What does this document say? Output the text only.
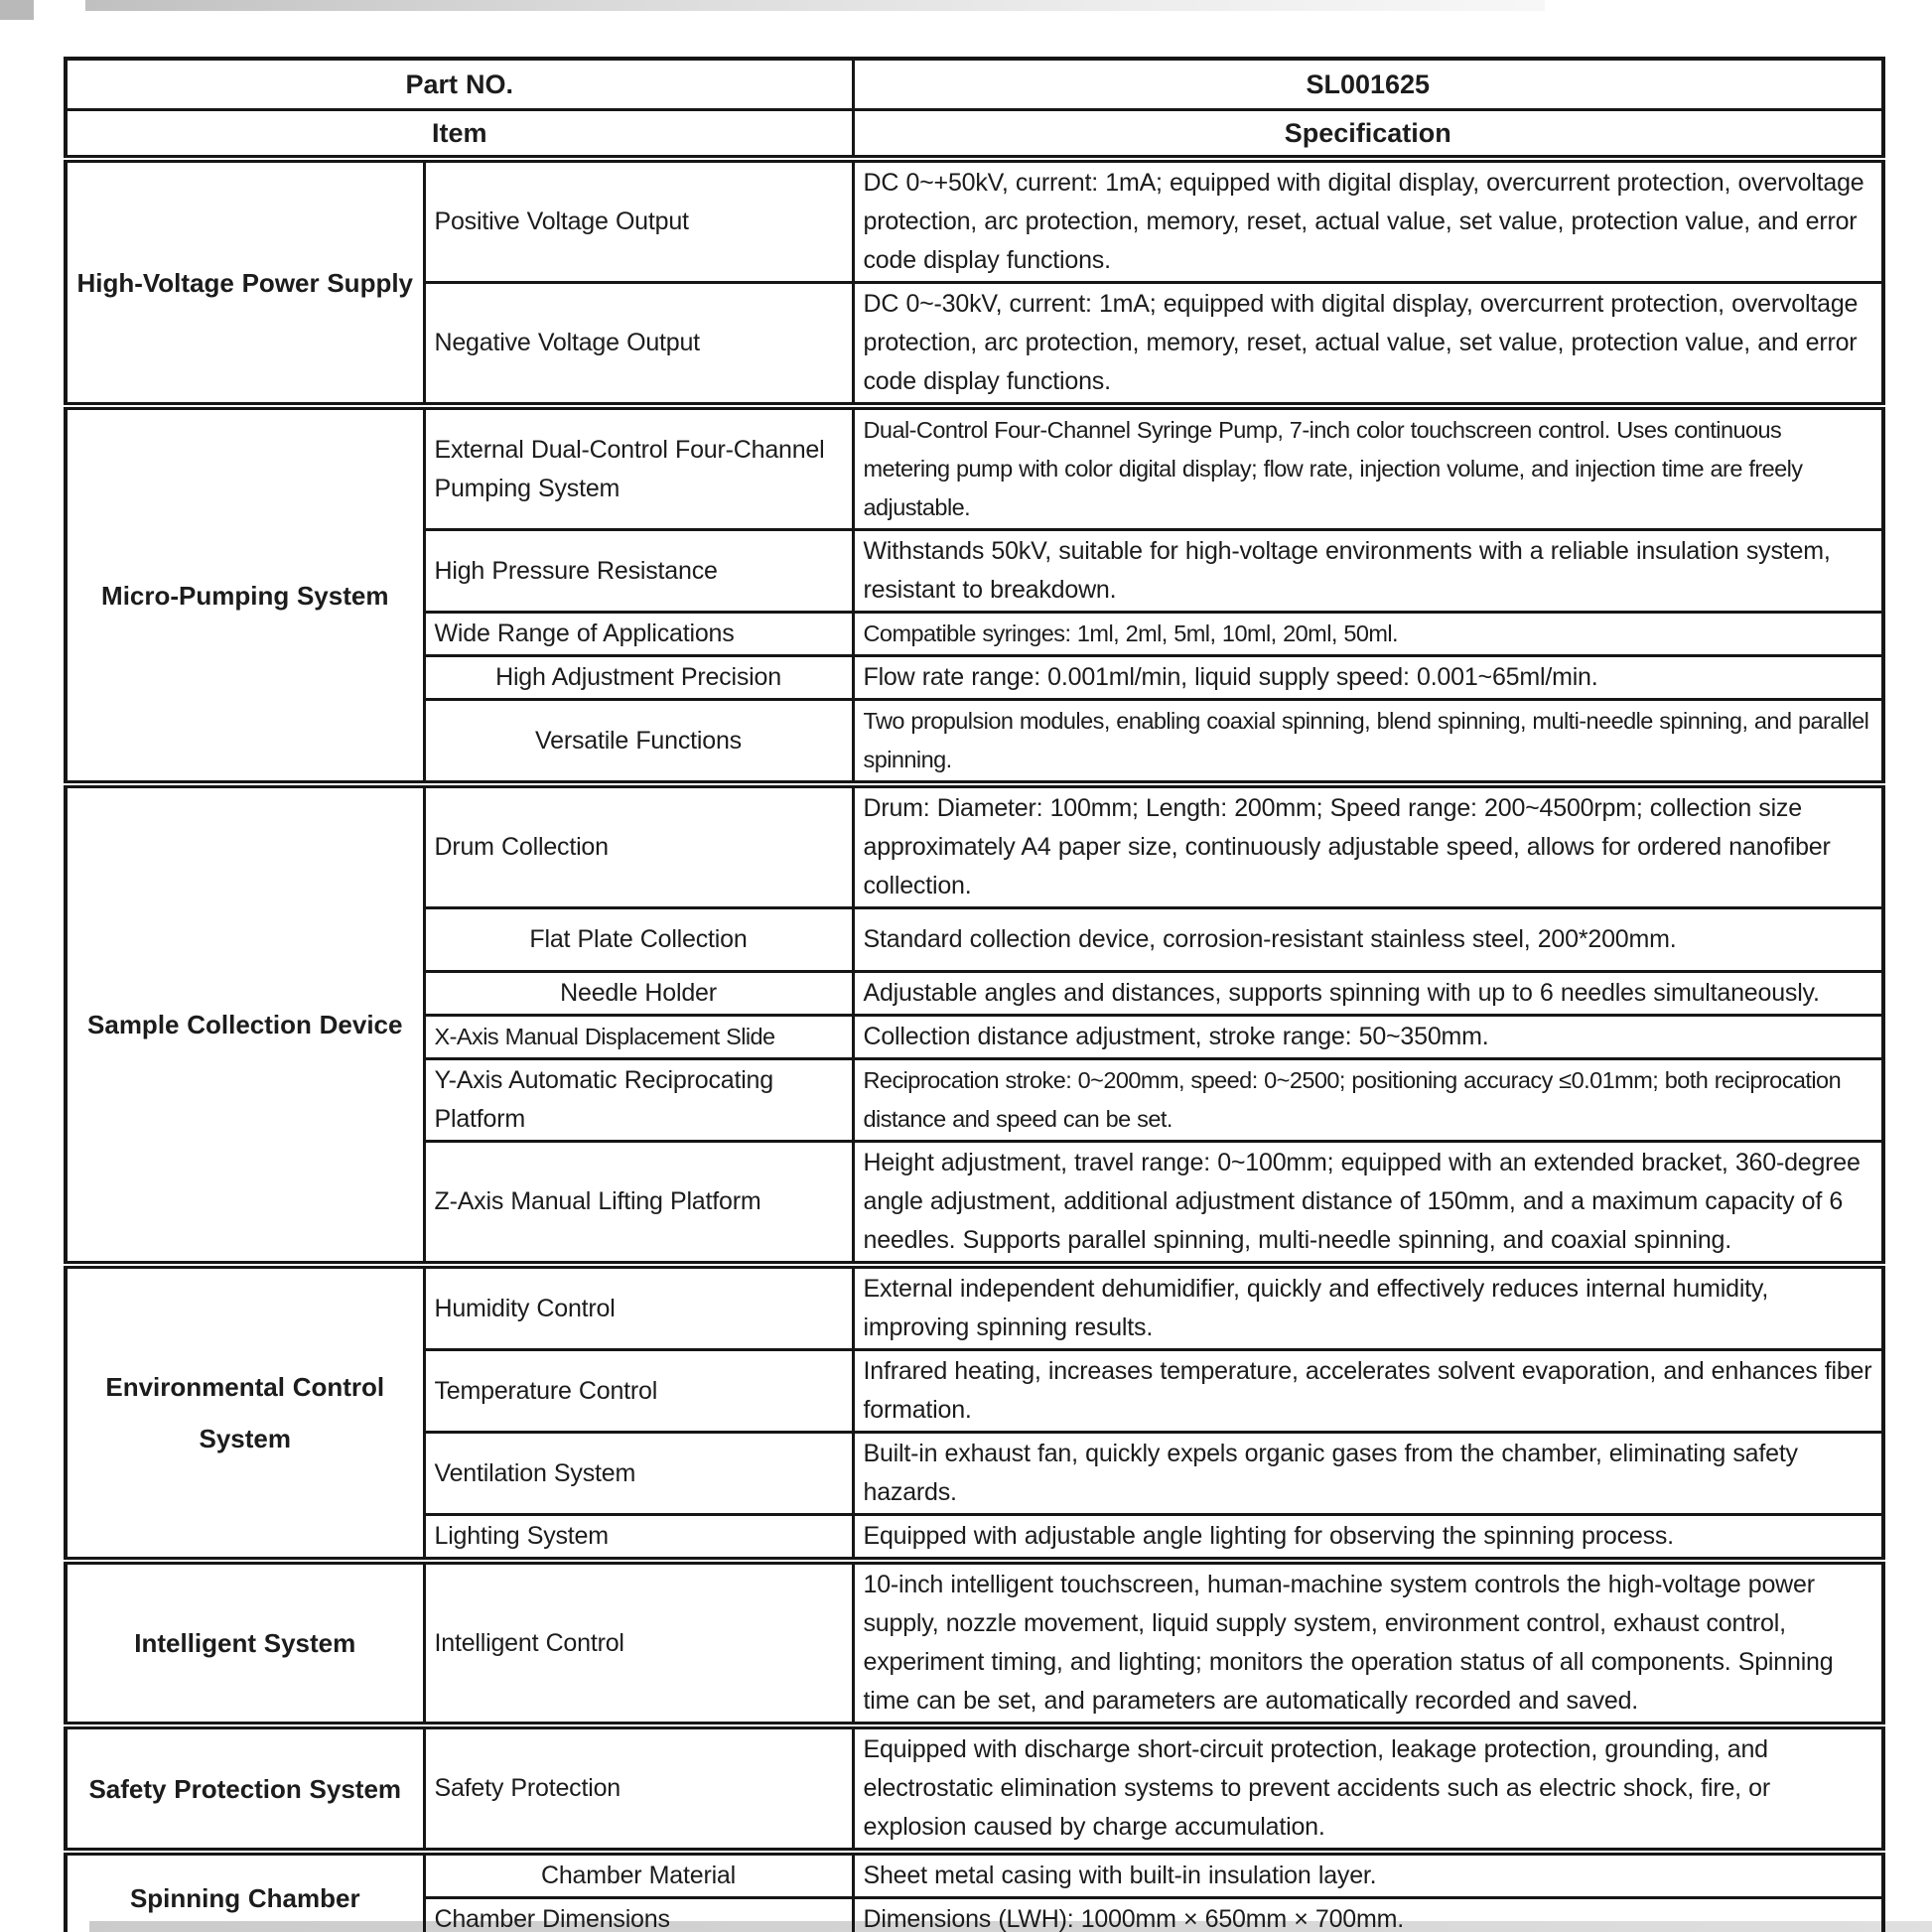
Part NO.		SL001625
Item		Specification
High-Voltage Power Supply	Positive Voltage Output	DC 0~+50kV, current: 1mA; equipped with digital display, overcurrent protection, overvoltage protection, arc protection, memory, reset, actual value, set value, protection value, and error code display functions.
	Negative Voltage Output	DC 0~-30kV, current: 1mA; equipped with digital display, overcurrent protection, overvoltage protection, arc protection, memory, reset, actual value, set value, protection value, and error code display functions.
Micro-Pumping System	External Dual-Control Four-Channel Pumping System	Dual-Control Four-Channel Syringe Pump, 7-inch color touchscreen control. Uses continuous metering pump with color digital display; flow rate, injection volume, and injection time are freely adjustable.
	High Pressure Resistance	Withstands 50kV, suitable for high-voltage environments with a reliable insulation system, resistant to breakdown.
	Wide Range of Applications	Compatible syringes: 1ml, 2ml, 5ml, 10ml, 20ml, 50ml.
	High Adjustment Precision	Flow rate range: 0.001ml/min, liquid supply speed: 0.001~65ml/min.
	Versatile Functions	Two propulsion modules, enabling coaxial spinning, blend spinning, multi-needle spinning, and parallel spinning.
Sample Collection Device	Drum Collection	Drum: Diameter: 100mm; Length: 200mm; Speed range: 200~4500rpm; collection size approximately A4 paper size, continuously adjustable speed, allows for ordered nanofiber collection.
	Flat Plate Collection	Standard collection device, corrosion-resistant stainless steel, 200*200mm.
	Needle Holder	Adjustable angles and distances, supports spinning with up to 6 needles simultaneously.
	X-Axis Manual Displacement Slide	Collection distance adjustment, stroke range: 50~350mm.
	Y-Axis Automatic Reciprocating Platform	Reciprocation stroke: 0~200mm, speed: 0~2500; positioning accuracy ≤0.01mm; both reciprocation distance and speed can be set.
	Z-Axis Manual Lifting Platform	Height adjustment, travel range: 0~100mm; equipped with an extended bracket, 360-degree angle adjustment, additional adjustment distance of 150mm, and a maximum capacity of 6 needles. Supports parallel spinning, multi-needle spinning, and coaxial spinning.
Environmental Control System	Humidity Control	External independent dehumidifier, quickly and effectively reduces internal humidity, improving spinning results.
	Temperature Control	Infrared heating, increases temperature, accelerates solvent evaporation, and enhances fiber formation.
	Ventilation System	Built-in exhaust fan, quickly expels organic gases from the chamber, eliminating safety hazards.
	Lighting System	Equipped with adjustable angle lighting for observing the spinning process.
Intelligent System	Intelligent Control	10-inch intelligent touchscreen, human-machine system controls the high-voltage power supply, nozzle movement, liquid supply system, environment control, exhaust control, experiment timing, and lighting; monitors the operation status of all components. Spinning time can be set, and parameters are automatically recorded and saved.
Safety Protection System	Safety Protection	Equipped with discharge short-circuit protection, leakage protection, grounding, and electrostatic elimination systems to prevent accidents such as electric shock, fire, or explosion caused by charge accumulation.
Spinning Chamber	Chamber Material	Sheet metal casing with built-in insulation layer.
	Chamber Dimensions	Dimensions (LWH): 1000mm × 650mm × 700mm.
